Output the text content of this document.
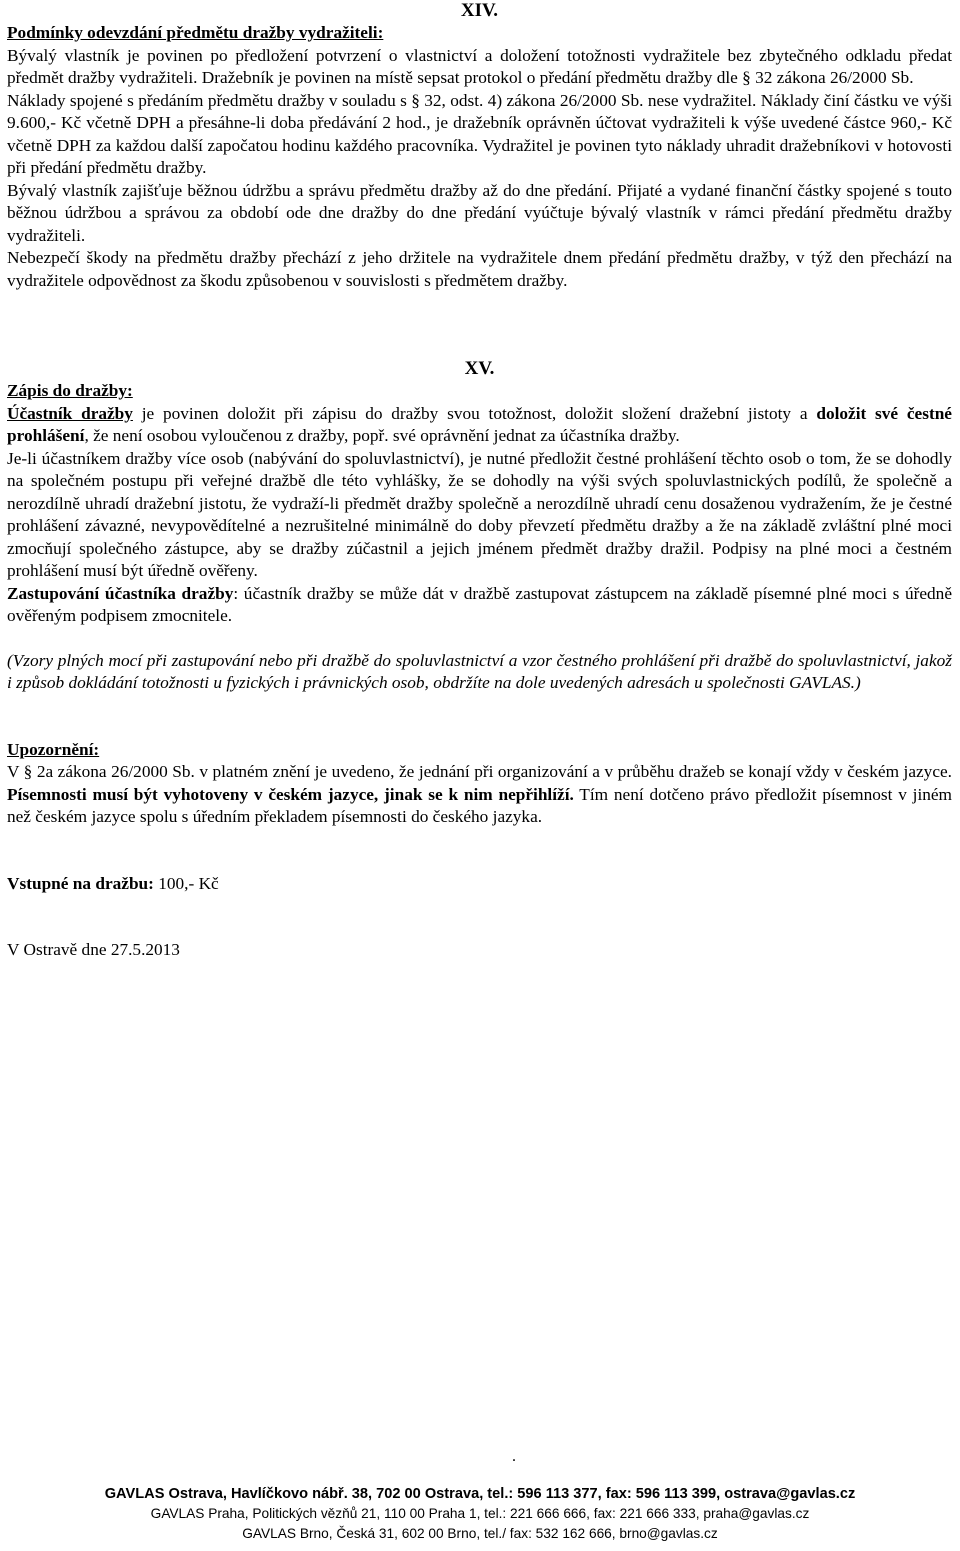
XIV.
Podmínky odevzdání předmětu dražby vydražiteli:

Bývalý vlastník je povinen po předložení potvrzení o vlastnictví a doložení totožnosti vydražitele bez zbytečného odkladu předat předmět dražby vydražiteli. Dražebník je povinen na místě sepsat protokol o předání předmětu dražby dle § 32 zákona 26/2000 Sb.

Náklady spojené s předáním předmětu dražby v souladu s § 32, odst. 4) zákona 26/2000 Sb. nese vydražitel. Náklady činí částku ve výši 9.600,- Kč včetně DPH a přesáhne-li doba předávání 2 hod., je dražebník oprávněn účtovat vydražiteli k výše uvedené částce 960,- Kč včetně DPH za každou další započatou hodinu každého pracovníka. Vydražitel je povinen tyto náklady uhradit dražebníkovi v hotovosti při předání předmětu dražby.

Bývalý vlastník zajišťuje běžnou údržbu a správu předmětu dražby až do dne předání. Přijaté a vydané finanční částky spojené s touto běžnou údržbou a správou za období ode dne dražby do dne předání vyúčtuje bývalý vlastník v rámci předání předmětu dražby vydražiteli.

Nebezpečí škody na předmětu dražby přechází z jeho držitele na vydražitele dnem předání předmětu dražby, v týž den přechází na vydražitele odpovědnost za škodu způsobenou v souvislosti s předmětem dražby.

XV.
Zápis do dražby:

Účastník dražby je povinen doložit při zápisu do dražby svou totožnost, doložit složení dražební jistoty a doložit své čestné prohlášení, že není osobou vyloučenou z dražby, popř. své oprávnění jednat za účastníka dražby.

Je-li účastníkem dražby více osob (nabývání do spoluvlastnictví), je nutné předložit čestné prohlášení těchto osob o tom, že se dohodly na společném postupu při veřejné dražbě dle této vyhlášky, že se dohodly na výši svých spoluvlastnických podílů, že společně a nerozdílně uhradí dražební jistotu, že vydraží-li předmět dražby společně a nerozdílně uhradí cenu dosaženou vydražením, že je čestné prohlášení závazné, nevypovědítelné a nezrušitelné minimálně do doby převzetí předmětu dražby a že na základě zvláštní plné moci zmocňují společného zástupce, aby se dražby zúčastnil a jejich jménem předmět dražby dražil. Podpisy na plné moci a čestném prohlášení musí být úředně ověřeny.

Zastupování účastníka dražby: účastník dražby se může dát v dražbě zastupovat zástupcem na základě písemné plné moci s úředně ověřeným podpisem zmocnitele.

(Vzory plných mocí při zastupování nebo při dražbě do spoluvlastnictví a vzor čestného prohlášení při dražbě do spoluvlastnictví, jakož i způsob dokládání totožnosti u fyzických i právnických osob, obdržíte na dole uvedených adresách u společnosti GAVLAS.)

Upozornění:

V § 2a zákona 26/2000 Sb. v platném znění je uvedeno, že jednání při organizování a v průběhu dražeb se konají vždy v českém jazyce. Písemnosti musí být vyhotoveny v českém jazyce, jinak se k nim nepřihlíží. Tím není dotčeno právo předložit písemnost v jiném než českém jazyce spolu s úředním překladem písemnosti do českého jazyka.

Vstupné na dražbu: 100,- Kč

V Ostravě dne 27.5.2013

.
GAVLAS Ostrava, Havlíčkovo nábř. 38, 702 00 Ostrava, tel.: 596 113 377, fax: 596 113 399, ostrava@gavlas.cz
GAVLAS Praha, Politických vězňů 21, 110 00 Praha 1, tel.: 221 666 666, fax: 221 666 333, praha@gavlas.cz
GAVLAS Brno, Česká 31, 602 00 Brno, tel./ fax: 532 162 666, brno@gavlas.cz
